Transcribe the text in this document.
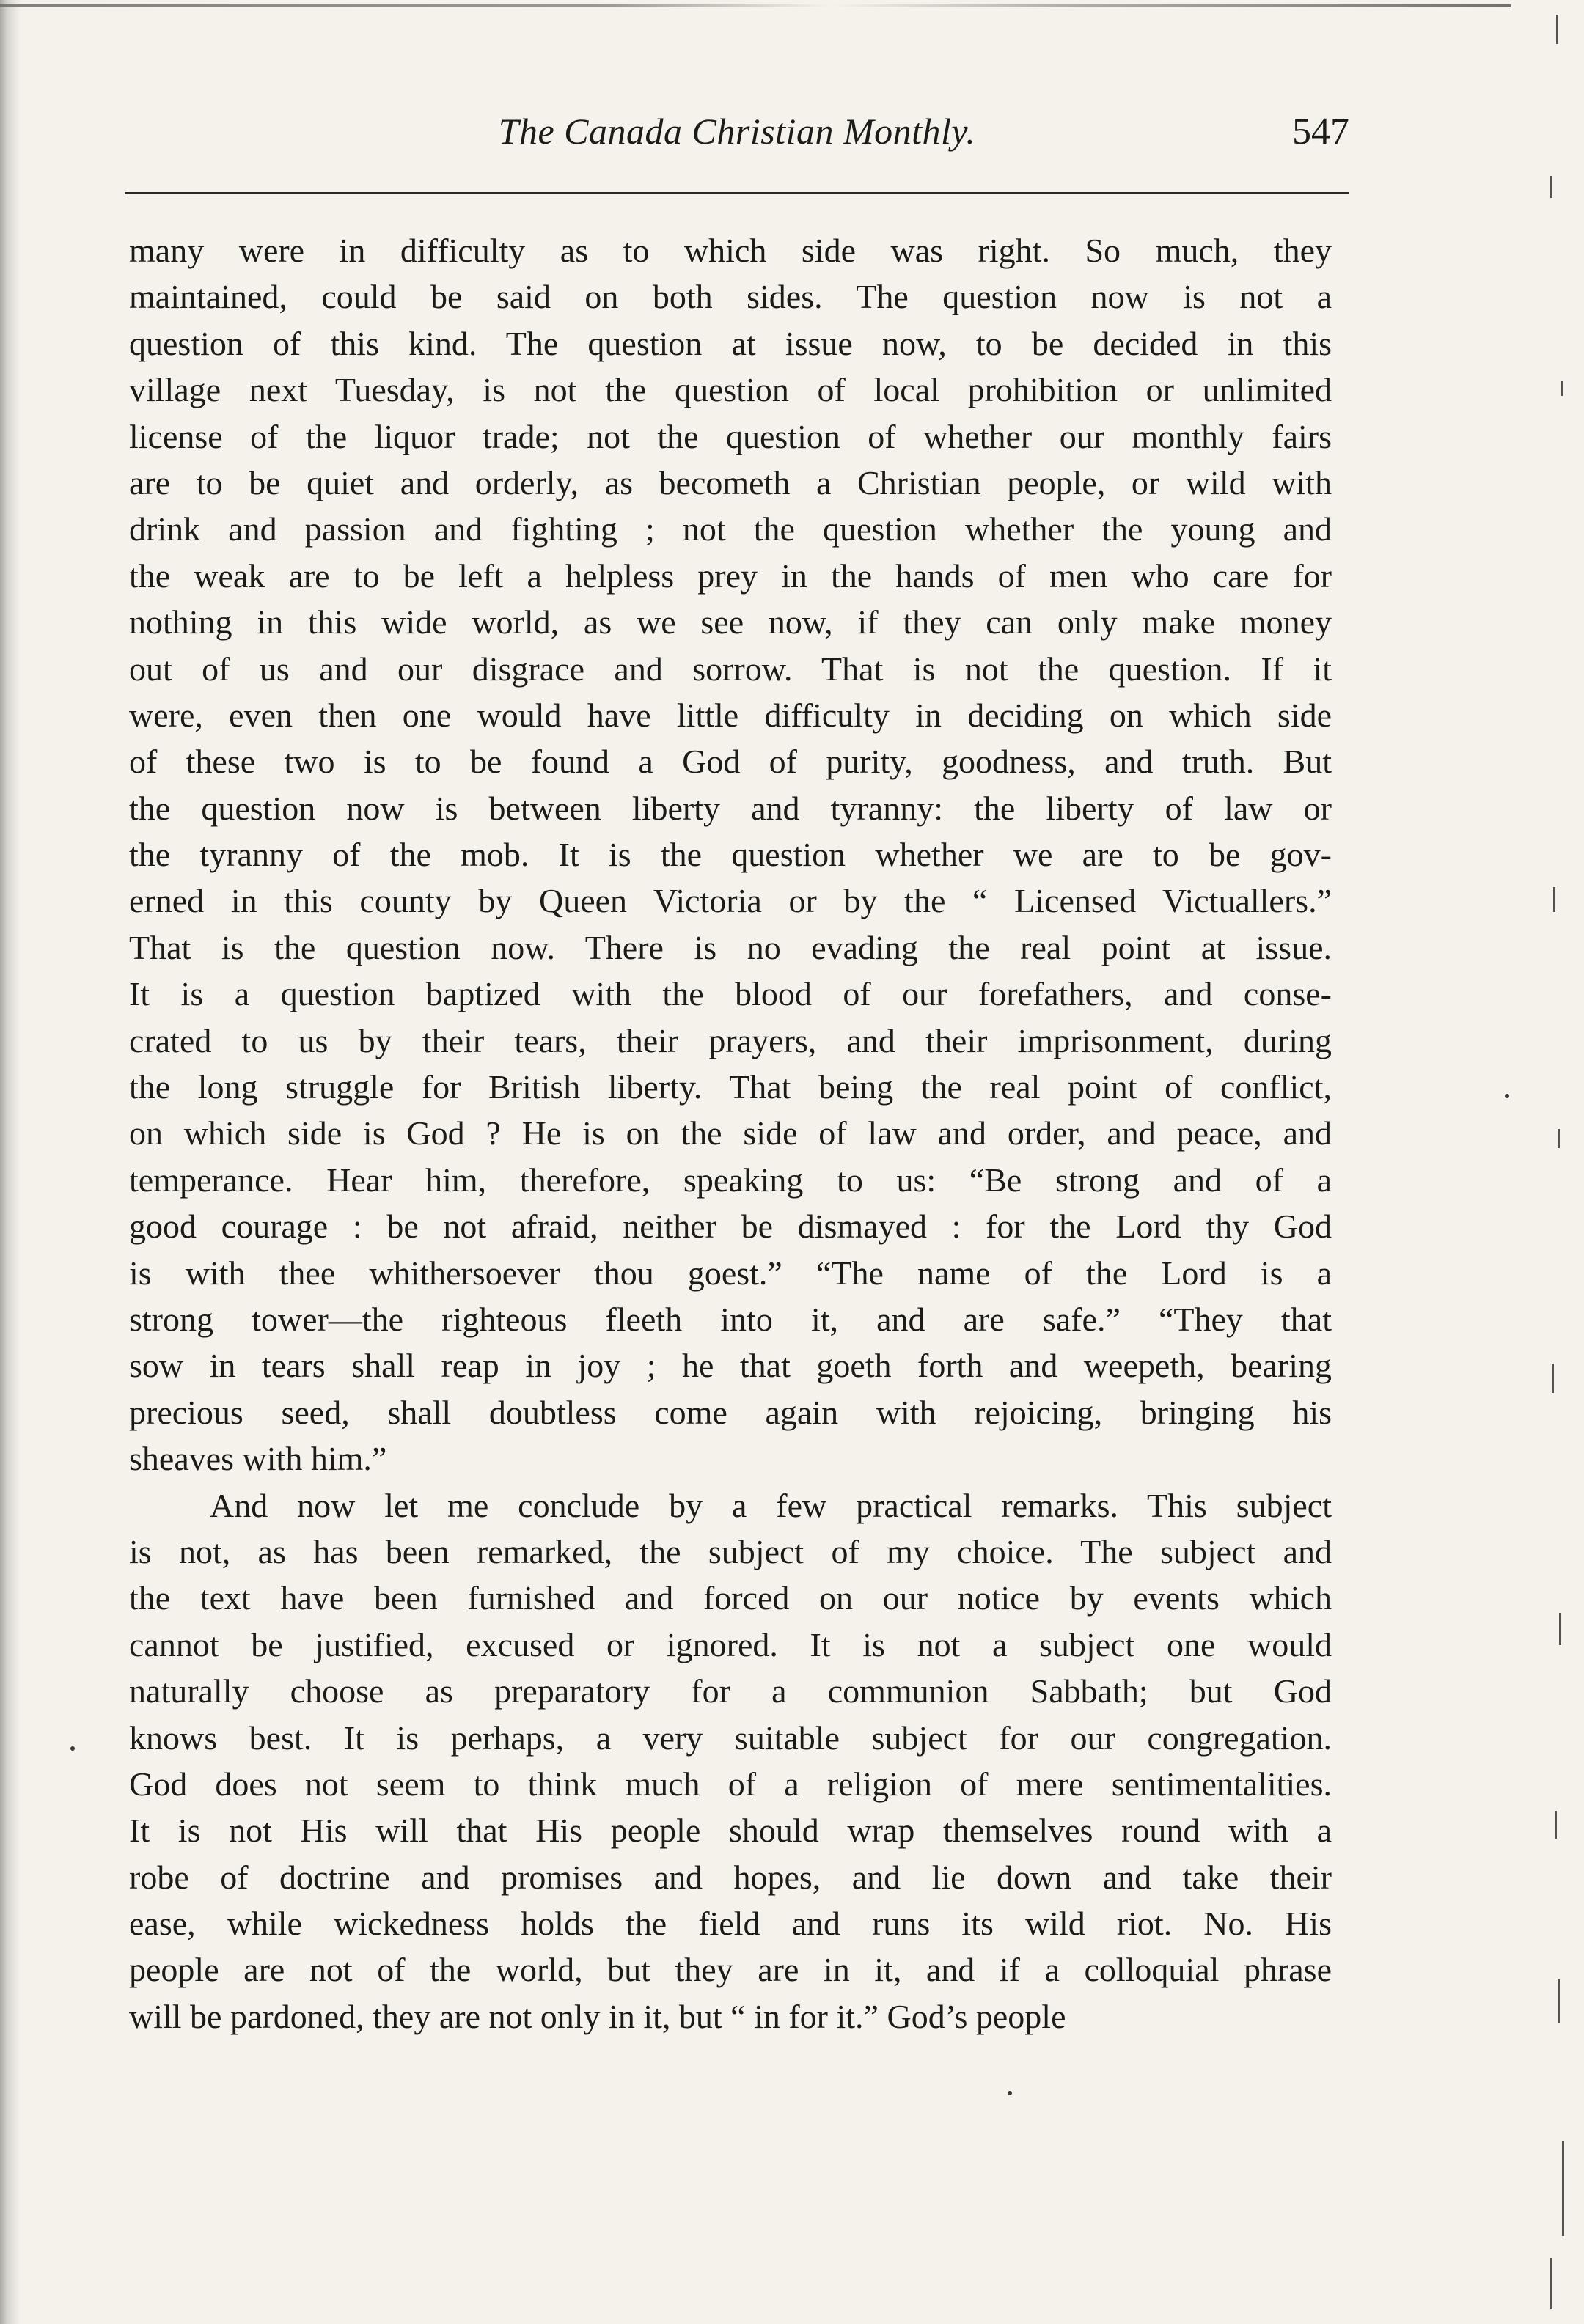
The Canada Christian Monthly.	547
many were in difficulty as to which side was right. So much, they
maintained, could be said on both sides. The question now is not a
question of this kind. The question at issue now, to be decided in this
village next Tuesday, is not the question of local prohibition or unlimited
license of the liquor trade; not the question of whether our monthly fairs
are to be quiet and orderly, as becometh a Christian people, or wild with
drink and passion and fighting ; not the question whether the young and
the weak are to be left a helpless prey in the hands of men who care for
nothing in this wide world, as we see now, if they can only make money
out of us and our disgrace and sorrow. That is not the question. If it
were, even then one would have little difficulty in deciding on which side
of these two is to be found a God of purity, goodness, and truth. But
the question now is between liberty and tyranny: the liberty of law or
the tyranny of the mob. It is the question whether we are to be gov-
erned in this county by Queen Victoria or by the “ Licensed Victuallers.”
That is the question now. There is no evading the real point at issue.
It is a question baptized with the blood of our forefathers, and conse-
crated to us by their tears, their prayers, and their imprisonment, during
the long struggle for British liberty. That being the real point of conflict,
on which side is God ? He is on the side of law and order, and peace, and
temperance. Hear him, therefore, speaking to us: “Be strong and of a
good courage : be not afraid, neither be dismayed : for the Lord thy God
is with thee whithersoever thou goest.” “The name of the Lord is a
strong tower—the righteous fleeth into it, and are safe.” “They that
sow in tears shall reap in joy ; he that goeth forth and weepeth, bearing
precious seed, shall doubtless come again with rejoicing, bringing his
sheaves with him.”
And now let me conclude by a few practical remarks. This subject
is not, as has been remarked, the subject of my choice. The subject and
the text have been furnished and forced on our notice by events which
cannot be justified, excused or ignored. It is not a subject one would
naturally choose as preparatory for a communion Sabbath; but God
knows best. It is perhaps, a very suitable subject for our congregation.
God does not seem to think much of a religion of mere sentimentalities.
It is not His will that His people should wrap themselves round with a
robe of doctrine and promises and hopes, and lie down and take their
ease, while wickedness holds the field and runs its wild riot. No. His
people are not of the world, but they are in it, and if a colloquial phrase
will be pardoned, they are not only in it, but “ in for it.” God’s people
